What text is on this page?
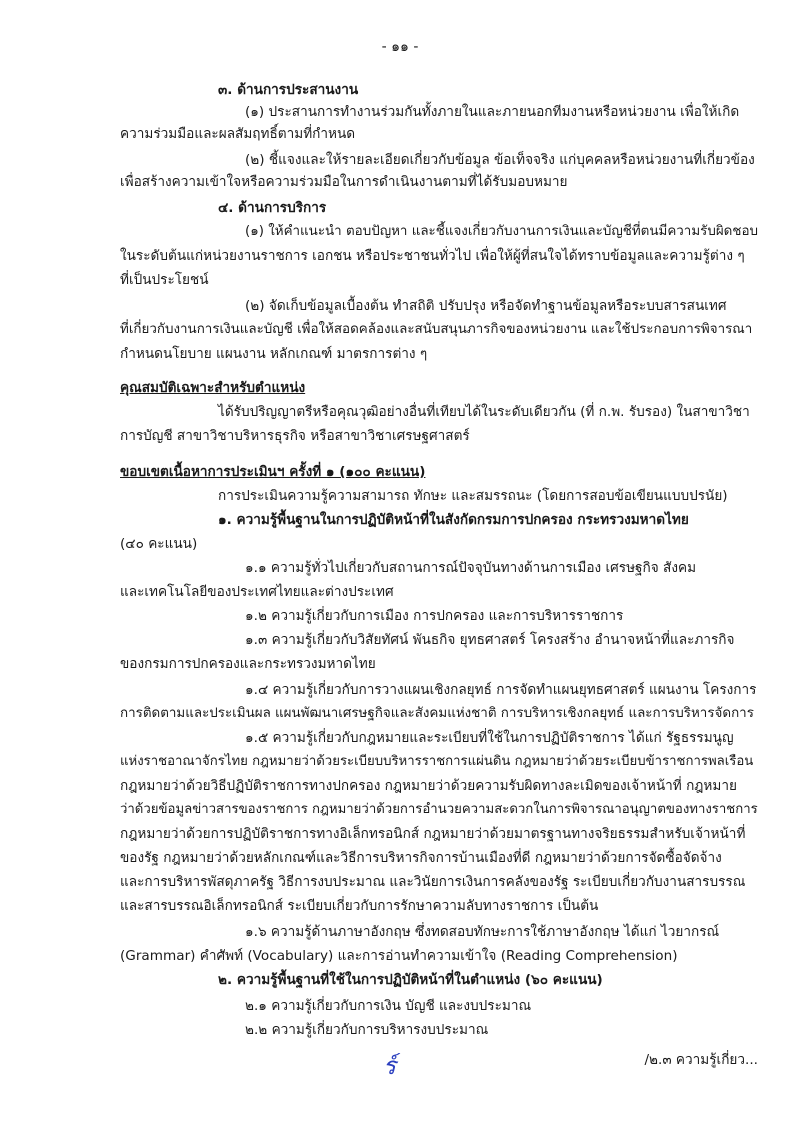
- ๑๑ -
๓. ด้านการประสานงาน
(๑) ประสานการทำงานร่วมกันทั้งภายในและภายนอกทีมงานหรือหน่วยงาน เพื่อให้เกิด
ความร่วมมือและผลสัมฤทธิ์ตามที่กำหนด
(๒) ชี้แจงและให้รายละเอียดเกี่ยวกับข้อมูล ข้อเท็จจริง แก่บุคคลหรือหน่วยงานที่เกี่ยวข้อง
เพื่อสร้างความเข้าใจหรือความร่วมมือในการดำเนินงานตามที่ได้รับมอบหมาย
๔. ด้านการบริการ
(๑) ให้คำแนะนำ ตอบปัญหา และชี้แจงเกี่ยวกับงานการเงินและบัญชีที่ตนมีความรับผิดชอบ
ในระดับต้นแก่หน่วยงานราชการ เอกชน หรือประชาชนทั่วไป เพื่อให้ผู้ที่สนใจได้ทราบข้อมูลและความรู้ต่าง ๆ
ที่เป็นประโยชน์
(๒) จัดเก็บข้อมูลเบื้องต้น ทำสถิติ ปรับปรุง หรือจัดทำฐานข้อมูลหรือระบบสารสนเทศ
ที่เกี่ยวกับงานการเงินและบัญชี เพื่อให้สอดคล้องและสนับสนุนภารกิจของหน่วยงาน และใช้ประกอบการพิจารณา
กำหนดนโยบาย แผนงาน หลักเกณฑ์ มาตรการต่าง ๆ
คุณสมบัติเฉพาะสำหรับตำแหน่ง
ได้รับปริญญาตรีหรือคุณวุฒิอย่างอื่นที่เทียบได้ในระดับเดียวกัน (ที่ ก.พ. รับรอง) ในสาขาวิชา
การบัญชี สาขาวิชาบริหารธุรกิจ หรือสาขาวิชาเศรษฐศาสตร์
ขอบเขตเนื้อหาการประเมินฯ ครั้งที่ ๑ (๑๐๐ คะแนน)
การประเมินความรู้ความสามารถ ทักษะ และสมรรถนะ (โดยการสอบข้อเขียนแบบปรนัย)
๑. ความรู้พื้นฐานในการปฏิบัติหน้าที่ในสังกัดกรมการปกครอง กระทรวงมหาดไทย
(๔๐ คะแนน)
๑.๑ ความรู้ทั่วไปเกี่ยวกับสถานการณ์ปัจจุบันทางด้านการเมือง เศรษฐกิจ สังคม
และเทคโนโลยีของประเทศไทยและต่างประเทศ
๑.๒ ความรู้เกี่ยวกับการเมือง การปกครอง และการบริหารราชการ
๑.๓ ความรู้เกี่ยวกับวิสัยทัศน์ พันธกิจ ยุทธศาสตร์ โครงสร้าง อำนาจหน้าที่และภารกิจ
ของกรมการปกครองและกระทรวงมหาดไทย
๑.๔ ความรู้เกี่ยวกับการวางแผนเชิงกลยุทธ์ การจัดทำแผนยุทธศาสตร์ แผนงาน โครงการ
การติดตามและประเมินผล แผนพัฒนาเศรษฐกิจและสังคมแห่งชาติ การบริหารเชิงกลยุทธ์ และการบริหารจัดการ
๑.๕ ความรู้เกี่ยวกับกฎหมายและระเบียบที่ใช้ในการปฏิบัติราชการ ได้แก่ รัฐธรรมนูญ
แห่งราชอาณาจักรไทย กฎหมายว่าด้วยระเบียบบริหารราชการแผ่นดิน กฎหมายว่าด้วยระเบียบข้าราชการพลเรือน
กฎหมายว่าด้วยวิธีปฏิบัติราชการทางปกครอง กฎหมายว่าด้วยความรับผิดทางละเมิดของเจ้าหน้าที่ กฎหมาย
ว่าด้วยข้อมูลข่าวสารของราชการ กฎหมายว่าด้วยการอำนวยความสะดวกในการพิจารณาอนุญาตของทางราชการ
กฎหมายว่าด้วยการปฏิบัติราชการทางอิเล็กทรอนิกส์ กฎหมายว่าด้วยมาตรฐานทางจริยธรรมสำหรับเจ้าหน้าที่
ของรัฐ กฎหมายว่าด้วยหลักเกณฑ์และวิธีการบริหารกิจการบ้านเมืองที่ดี กฎหมายว่าด้วยการจัดซื้อจัดจ้าง
และการบริหารพัสดุภาครัฐ วิธีการงบประมาณ และวินัยการเงินการคลังของรัฐ ระเบียบเกี่ยวกับงานสารบรรณ
และสารบรรณอิเล็กทรอนิกส์ ระเบียบเกี่ยวกับการรักษาความลับทางราชการ เป็นต้น
๑.๖ ความรู้ด้านภาษาอังกฤษ ซึ่งทดสอบทักษะการใช้ภาษาอังกฤษ ได้แก่ ไวยากรณ์
(Grammar) คำศัพท์ (Vocabulary) และการอ่านทำความเข้าใจ (Reading Comprehension)
๒. ความรู้พื้นฐานที่ใช้ในการปฏิบัติหน้าที่ในตำแหน่ง (๖๐ คะแนน)
๒.๑ ความรู้เกี่ยวกับการเงิน บัญชี และงบประมาณ
๒.๒ ความรู้เกี่ยวกับการบริหารงบประมาณ
ร์	/๒.๓ ความรู้เกี่ยว...
